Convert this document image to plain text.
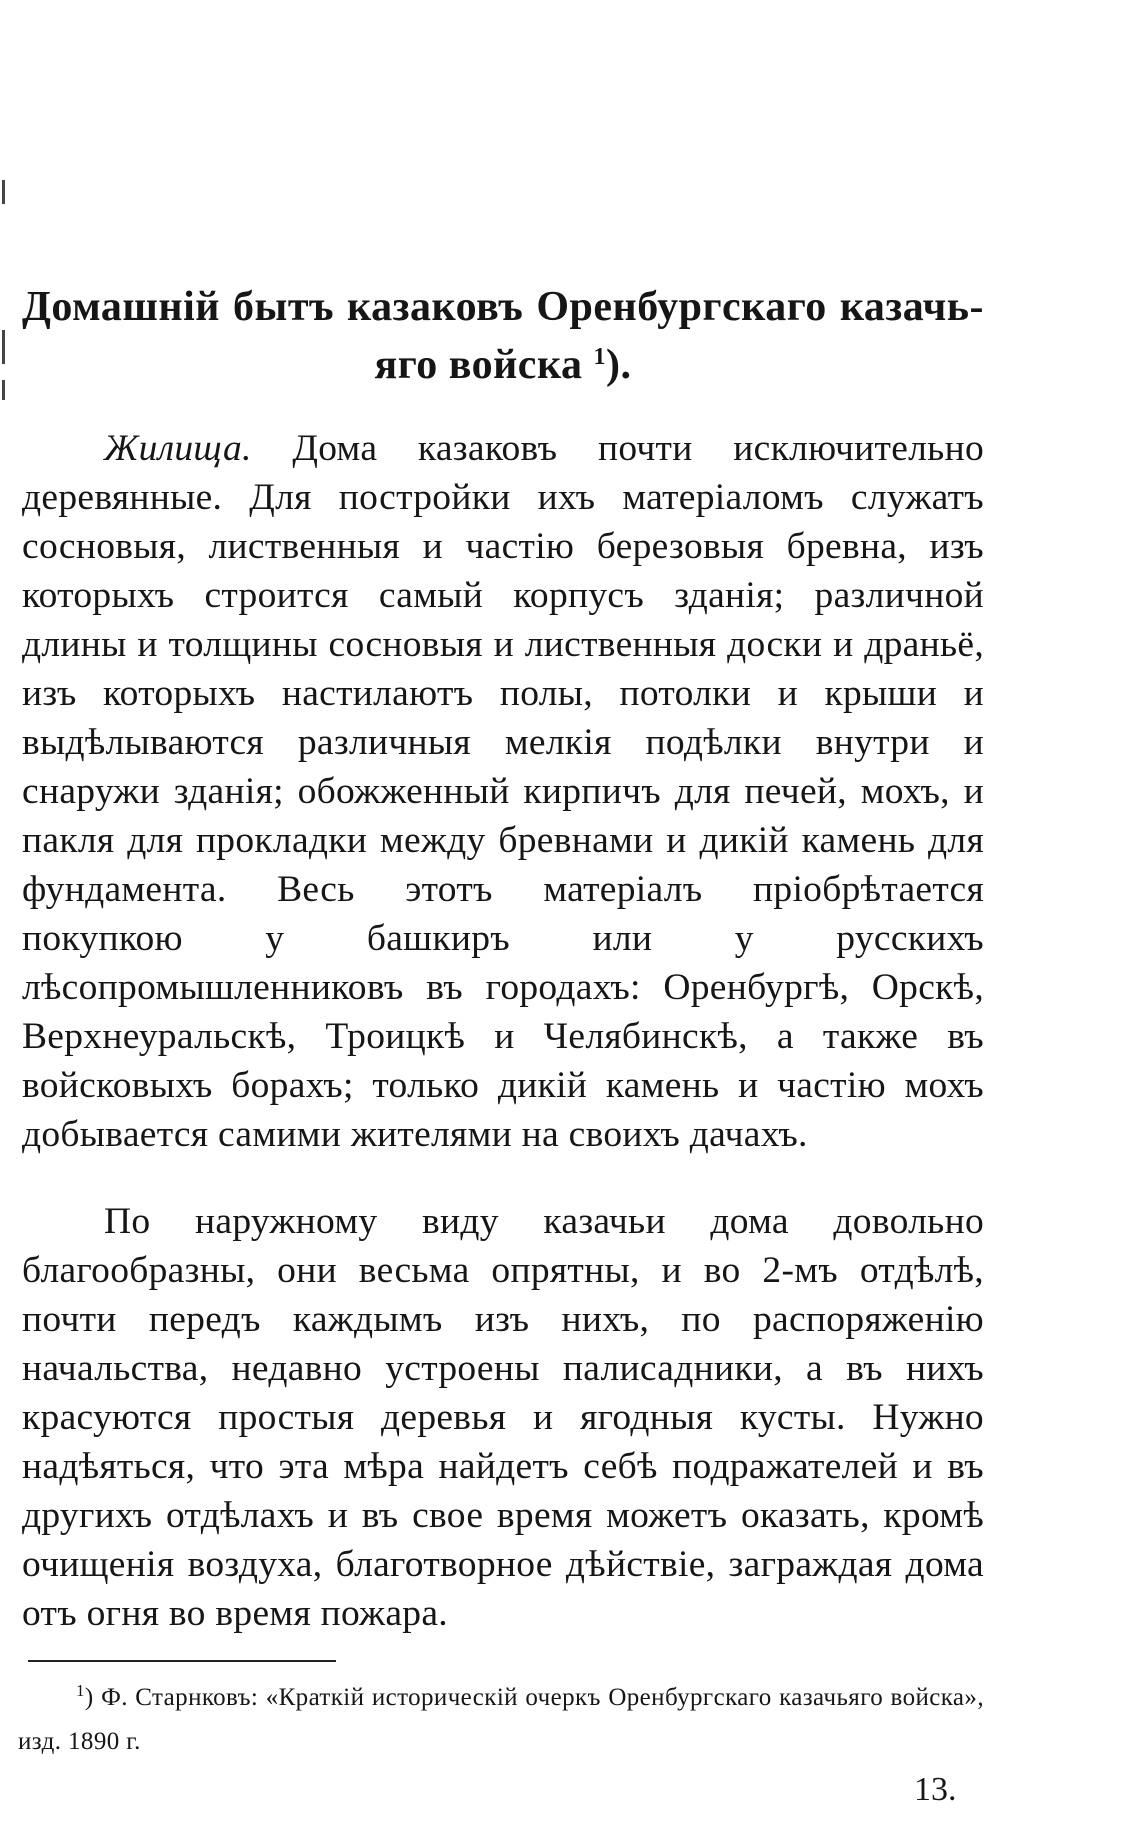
Домашній бытъ казаковъ Оренбургскаго казачь-
яго войска $^1$).

Жилища. Дома казаковъ почти исключительно деревянные. Для постройки ихъ матеріаломъ служатъ сосновыя, лиственныя и частію березовыя бревна, изъ которыхъ строится самый корпусъ зданія; различной длины и толщины сосновыя и лиственныя доски и драньё, изъ которыхъ настилаютъ полы, потолки и крыши и выдѣлываются различныя мелкія подѣлки внутри и снаружи зданія; обожженный кирпичъ для печей, мохъ, и пакля для прокладки между бревнами и дикій камень для фундамента. Весь этотъ матеріалъ пріобрѣтается покупкою у башкиръ или у русскихъ лѣсопромышленниковъ въ городахъ: Оренбургѣ, Орскѣ, Верхнеуральскѣ, Троицкѣ и Челябинскѣ, а также въ войсковыхъ борахъ; только дикій камень и частію мохъ добывается самими жителями на своихъ дачахъ.

По наружному виду казачьи дома довольно благообразны, они весьма опрятны, и во 2-мъ отдѣлѣ, почти передъ каждымъ изъ нихъ, по распоряженію начальства, недавно устроены палисадники, а въ нихъ красуются простыя деревья и ягодныя кусты. Нужно надѣяться, что эта мѣра найдетъ себѣ подражателей и въ другихъ отдѣлахъ и въ свое время можетъ оказать, кромѣ очищенія воздуха, благотворное дѣйствіе, заграждая дома отъ огня во время пожара.

$^1$) Ф. Старнковъ: «Краткій историческій очеркъ Оренбургскаго казачьяго войска», изд. 1890 г.

13.
